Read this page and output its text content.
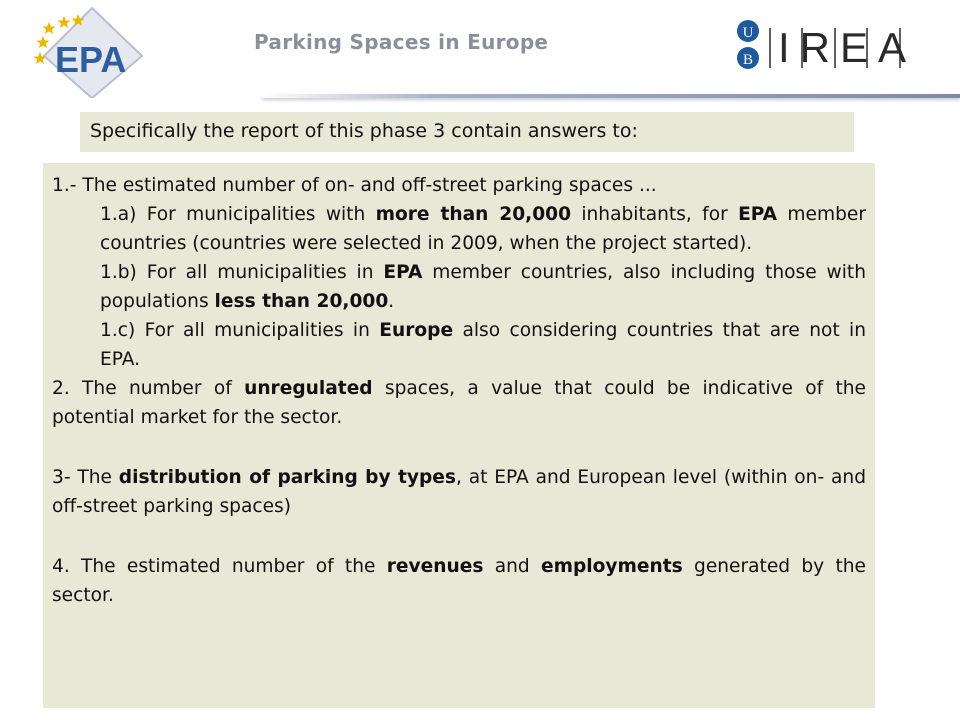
EPA	Parking Spaces in Europe	U
B IREA
Specifically the report of this phase 3 contain answers to:

1.- The estimated number of on- and off-street parking spaces ...

1.a) For municipalities with more than 20,000 inhabitants, for EPA member countries (countries were selected in 2009, when the project started).

1.b) For all municipalities in EPA member countries, also including those with populations less than 20,000.

1.c) For all municipalities in Europe also considering countries that are not in EPA.

2. The number of unregulated spaces, a value that could be indicative of the potential market for the sector.

3- The distribution of parking by types, at EPA and European level (within on- and off-street parking spaces)

4. The estimated number of the revenues and employments generated by the sector.
